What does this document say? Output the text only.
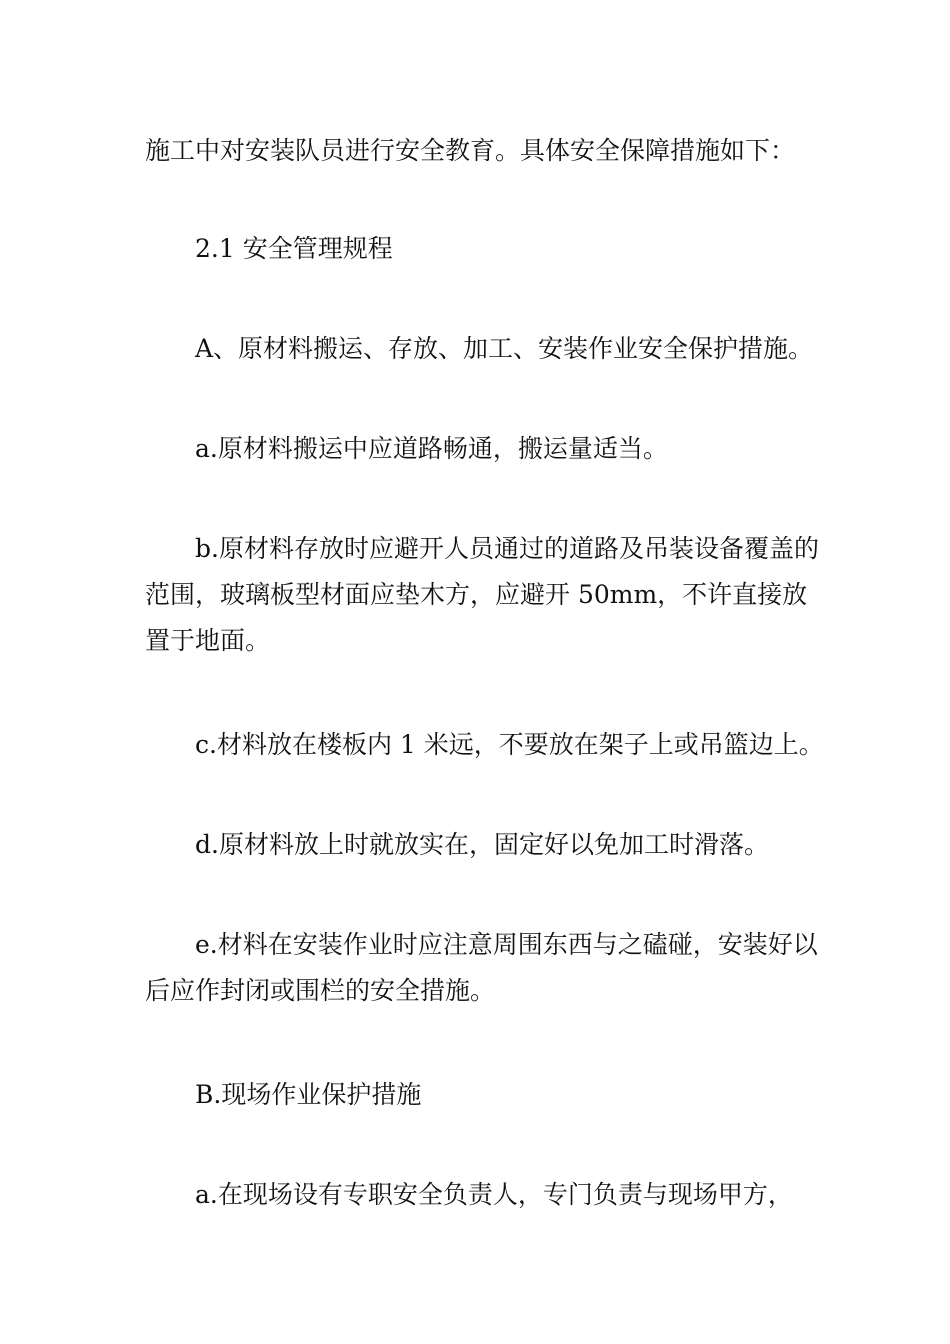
施工中对安装队员进行安全教育。具体安全保障措施如下：

2.1 安全管理规程

A、原材料搬运、存放、加工、安装作业安全保护措施。

a.原材料搬运中应道路畅通，搬运量适当。

b.原材料存放时应避开人员通过的道路及吊装设备覆盖的范围，玻璃板型材面应垫木方，应避开 50mm，不许直接放置于地面。

c.材料放在楼板内 1 米远，不要放在架子上或吊篮边上。

d.原材料放上时就放实在，固定好以免加工时滑落。

e.材料在安装作业时应注意周围东西与之磕碰，安装好以后应作封闭或围栏的安全措施。

B.现场作业保护措施

a.在现场设有专职安全负责人，专门负责与现场甲方，
